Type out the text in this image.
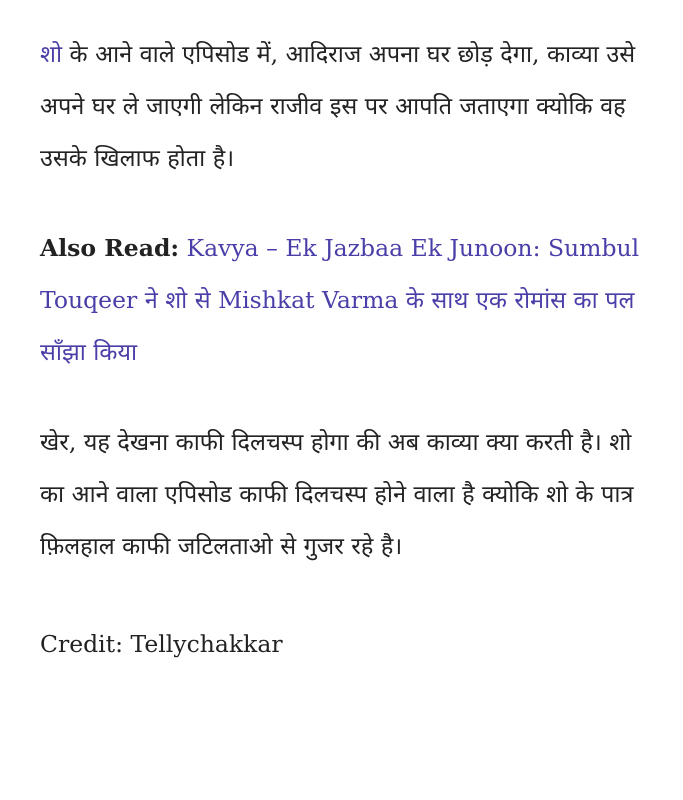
शो के आने वाले एपिसोड में, आदिराज अपना घर छोड़ देगा, काव्या उसे अपने घर ले जाएगी लेकिन राजीव इस पर आपति जताएगा क्योकि वह उसके खिलाफ होता है।

Also Read: Kavya – Ek Jazbaa Ek Junoon: Sumbul Touqeer ने शो से Mishkat Varma के साथ एक रोमांस का पल साँझा किया

खेर, यह देखना काफी दिलचस्प होगा की अब काव्या क्या करती है। शो का आने वाला एपिसोड काफी दिलचस्प होने वाला है क्योकि शो के पात्र फ़िलहाल काफी जटिलताओ से गुजर रहे है।

Credit: Tellychakkar
